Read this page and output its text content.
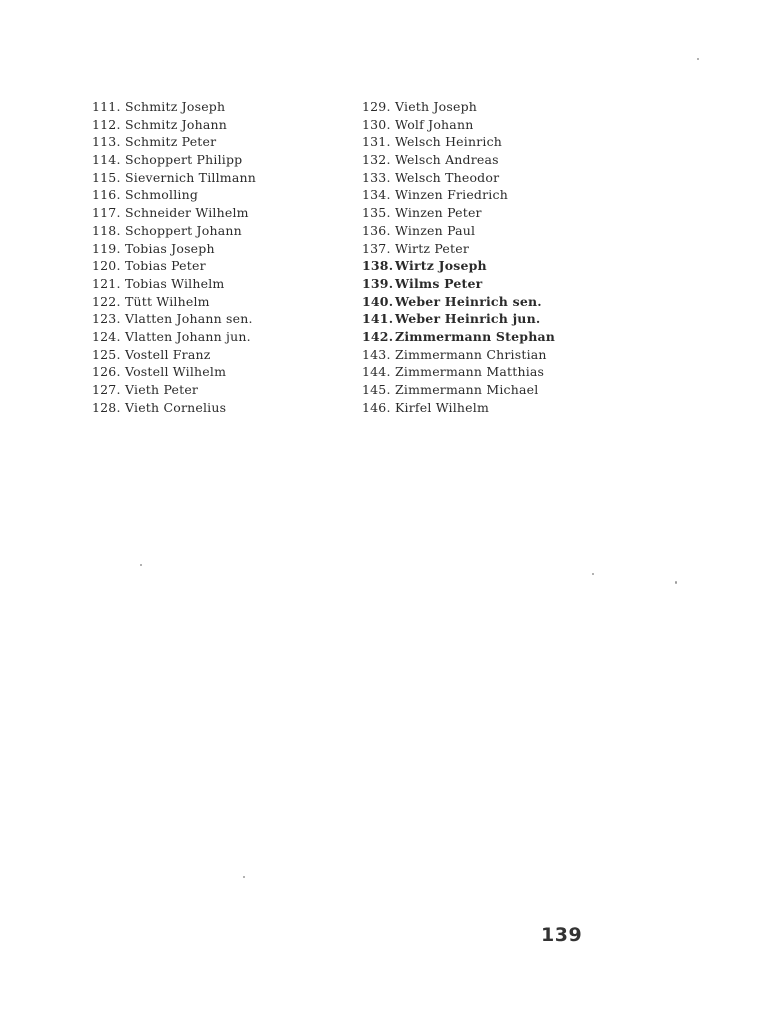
111. Schmitz Joseph
112. Schmitz Johann
113. Schmitz Peter
114. Schoppert Philipp
115. Sievernich Tillmann
116. Schmolling
117. Schneider Wilhelm
118. Schoppert Johann
119. Tobias Joseph
120. Tobias Peter
121. Tobias Wilhelm
122. Tütt Wilhelm
123. Vlatten Johann sen.
124. Vlatten Johann jun.
125. Vostell Franz
126. Vostell Wilhelm
127. Vieth Peter
128. Vieth Cornelius
129. Vieth Joseph
130. Wolf Johann
131. Welsch Heinrich
132. Welsch Andreas
133. Welsch Theodor
134. Winzen Friedrich
135. Winzen Peter
136. Winzen Paul
137. Wirtz Peter
138. Wirtz Joseph
139. Wilms Peter
140. Weber Heinrich sen.
141. Weber Heinrich jun.
142. Zimmermann Stephan
143. Zimmermann Christian
144. Zimmermann Matthias
145. Zimmermann Michael
146. Kirfel Wilhelm
139
